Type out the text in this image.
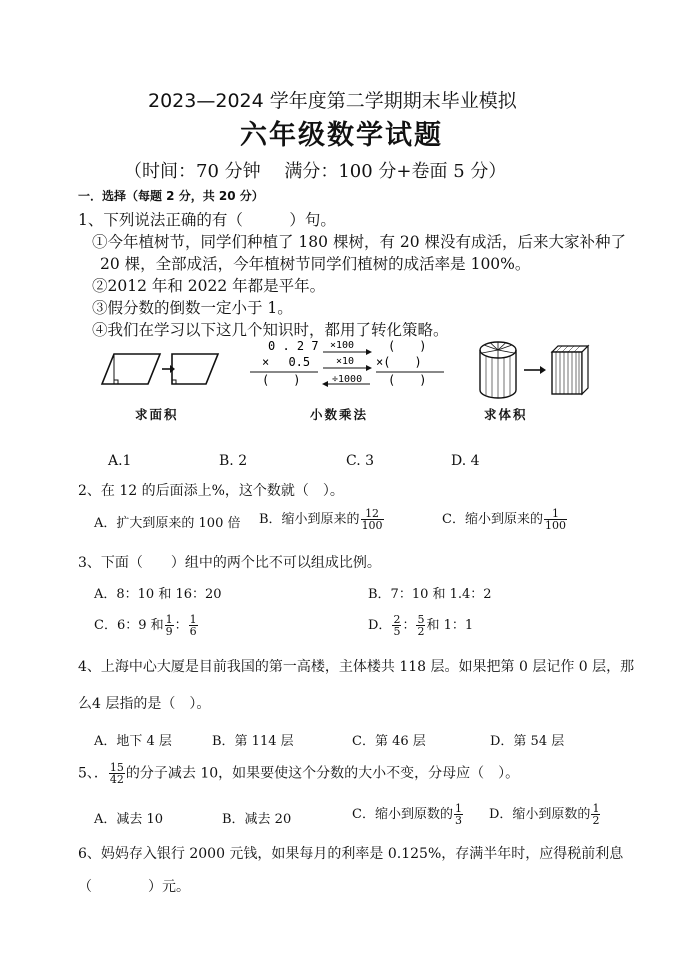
2023—2024 学年度第二学期期末毕业模拟
六年级数学试题
（时间：70 分钟　 满分：100 分+卷面 5 分）
一．选择（每题 2 分，共 20 分）
1、下列说法正确的有（　　　）句。
①今年植树节，同学们种植了 180 棵树，有 20 棵没有成活，后来大家补种了
20 棵，全部成活，今年植树节同学们植树的成活率是 100%。
②2012 年和 2022 年都是平年。
③假分数的倒数一定小于 1。
④我们在学习以下这几个知识时，都用了转化策略。
求面积
0 . 2 7 ×100	(　　)
×　 0.5	×10 ×(　　)
(　　)	÷1000 (　　)
小数乘法	求体积
A.1	B. 2	C. 3	D. 4
2、在 12 的后面添上%，这个数就（　）。
A．扩大到原来的 100 倍 B．缩小到原来的 $\frac{12}{100}$	C．缩小到原来的 $\frac{1}{100}$
3、下面（　　）组中的两个比不可以组成比例。
A．8：10 和 16：20	B．7：10 和 1.4：2
C．6：9 和 $\frac{1}{9}$ ： $\frac{1}{6}$	D． $\frac{2}{5}$ ： $\frac{5}{2}$ 和 1：1
4、上海中心大厦是目前我国的第一高楼，主体楼共 118 层。如果把第 0 层记作 0 层，那
么4 层指的是（　）。
A．地下 4 层	B．第 114 层	C．第 46 层	D．第 54 层
5、． $\frac{15}{42}$ 的分子减去 10，如果要使这个分数的大小不变，分母应（　）。
A．减去 10	B．减去 20	C．缩小到原数的 $\frac{1}{3}$ D．缩小到原数的 $\frac{1}{2}$
6、妈妈存入银行 2000 元钱，如果每月的利率是 0.125%，存满半年时，应得税前利息
（　　　　）元。
